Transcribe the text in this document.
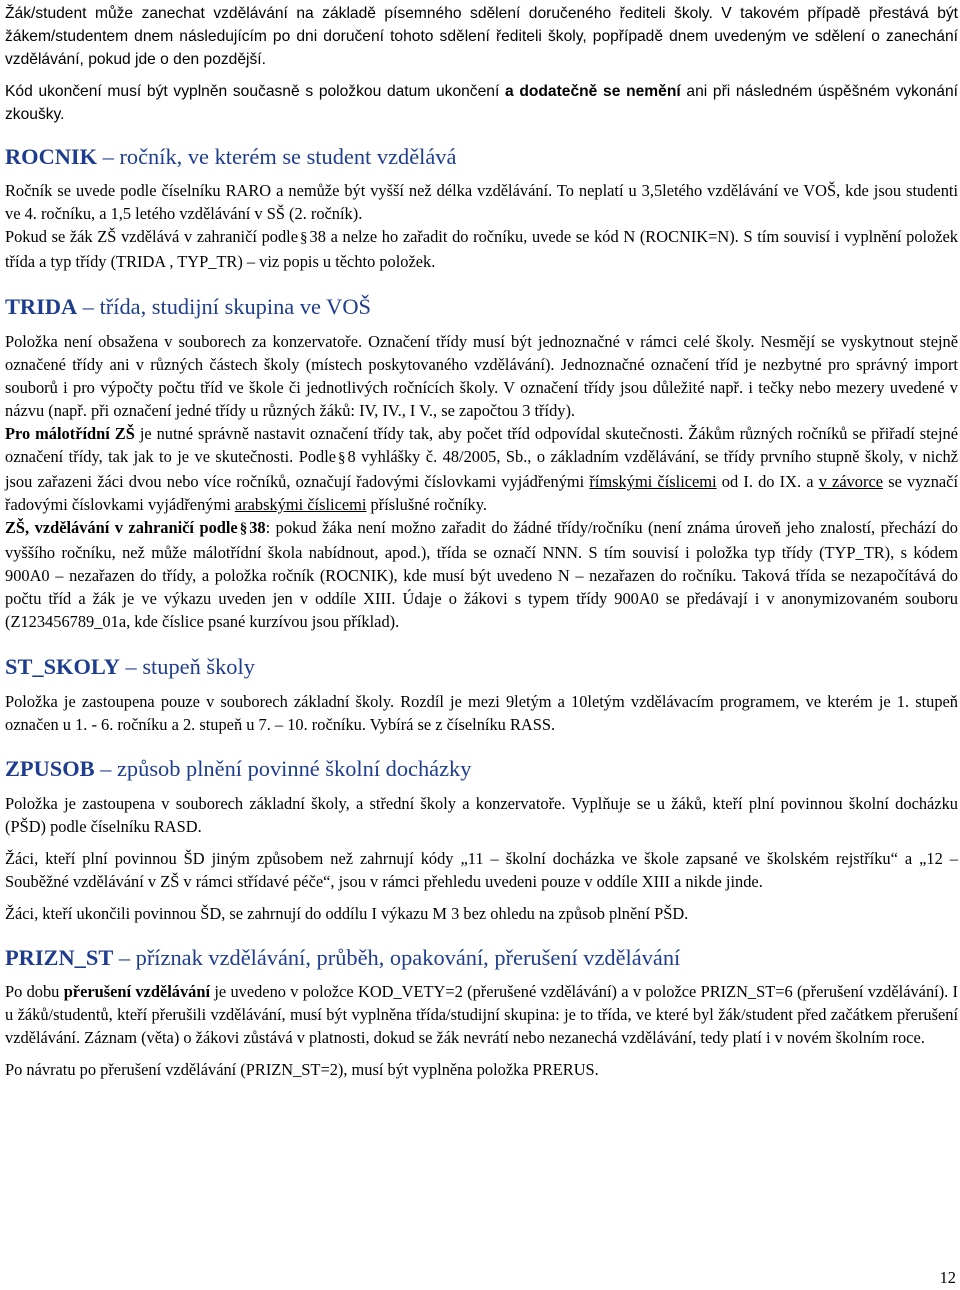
Žák/student může zanechat vzdělávání na základě písemného sdělení doručeného řediteli školy. V takovém případě přestává být žákem/studentem dnem následujícím po dni doručení tohoto sdělení řediteli školy, popřípadě dnem uvedeným ve sdělení o zanechání vzdělávání, pokud jde o den pozdější.

Kód ukončení musí být vyplněn současně s položkou datum ukončení a dodatečně se nemění ani při následném úspěšném vykonání zkoušky.

ROCNIK – ročník, ve kterém se student vzdělává

Ročník se uvede podle číselníku RARO a nemůže být vyšší než délka vzdělávání. To neplatí u 3,5letého vzdělávání ve VOŠ, kde jsou studenti ve 4. ročníku, a 1,5 letého vzdělávání v SŠ (2. ročník).

Pokud se žák ZŠ vzdělává v zahraničí podle § 38 a nelze ho zařadit do ročníku, uvede se kód N (ROCNIK=N). S tím souvisí i vyplnění položek třída a typ třídy (TRIDA , TYP_TR) – viz popis u těchto položek.

TRIDA – třída, studijní skupina ve VOŠ

Položka není obsažena v souborech za konzervatoře. Označení třídy musí být jednoznačné v rámci celé školy. Nesmějí se vyskytnout stejně označené třídy ani v různých částech školy (místech poskytovaného vzdělávání). Jednoznačné označení tříd je nezbytné pro správný import souborů i pro výpočty počtu tříd ve škole či jednotlivých ročnících školy. V označení třídy jsou důležité např. i tečky nebo mezery uvedené v názvu (např. při označení jedné třídy u různých žáků: IV, IV., I V., se započtou 3 třídy).

Pro málotřídní ZŠ je nutné správně nastavit označení třídy tak, aby počet tříd odpovídal skutečnosti. Žákům různých ročníků se přiřadí stejné označení třídy, tak jak to je ve skutečnosti. Podle § 8 vyhlášky č. 48/2005, Sb., o základním vzdělávání, se třídy prvního stupně školy, v nichž jsou zařazeni žáci dvou nebo více ročníků, označují řadovými číslovkami vyjádřenými římskými číslicemi od I. do IX. a v závorce se vyznačí řadovými číslovkami vyjádřenými arabskými číslicemi příslušné ročníky.

ZŠ, vzdělávání v zahraničí podle § 38: pokud žáka není možno zařadit do žádné třídy/ročníku (není známa úroveň jeho znalostí, přechází do vyššího ročníku, než může málotřídní škola nabídnout, apod.), třída se označí NNN. S tím souvisí i položka typ třídy (TYP_TR), s kódem 900A0 – nezařazen do třídy, a položka ročník (ROCNIK), kde musí být uvedeno N – nezařazen do ročníku. Taková třída se nezapočítává do počtu tříd a žák je ve výkazu uveden jen v oddíle XIII. Údaje o žákovi s typem třídy 900A0 se předávají i v anonymizovaném souboru (Z123456789_01a, kde číslice psané kurzívou jsou příklad).

ST_SKOLY – stupeň školy

Položka je zastoupena pouze v souborech základní školy. Rozdíl je mezi 9letým a 10letým vzdělávacím programem, ve kterém je 1. stupeň označen u 1. - 6. ročníku a 2. stupeň u 7. – 10. ročníku. Vybírá se z číselníku RASS.

ZPUSOB – způsob plnění povinné školní docházky

Položka je zastoupena v souborech základní školy, a střední školy a konzervatoře. Vyplňuje se u žáků, kteří plní povinnou školní docházku (PŠD) podle číselníku RASD.

Žáci, kteří plní povinnou ŠD jiným způsobem než zahrnují kódy „11 – školní docházka ve škole zapsané ve školském rejstříku“ a „12 – Souběžné vzdělávání v ZŠ v rámci střídavé péče“, jsou v rámci přehledu uvedeni pouze v oddíle XIII a nikde jinde.

Žáci, kteří ukončili povinnou ŠD, se zahrnují do oddílu I výkazu M 3 bez ohledu na způsob plnění PŠD.

PRIZN_ST – příznak vzdělávání, průběh, opakování, přerušení vzdělávání

Po dobu přerušení vzdělávání je uvedeno v položce KOD_VETY=2 (přerušené vzdělávání) a v položce PRIZN_ST=6 (přerušení vzdělávání). I u žáků/studentů, kteří přerušili vzdělávání, musí být vyplněna třída/studijní skupina: je to třída, ve které byl žák/student před začátkem přerušení vzdělávání. Záznam (věta) o žákovi zůstává v platnosti, dokud se žák nevrátí nebo nezanechá vzdělávání, tedy platí i v novém školním roce.

Po návratu po přerušení vzdělávání (PRIZN_ST=2), musí být vyplněna položka PRERUS.

12
